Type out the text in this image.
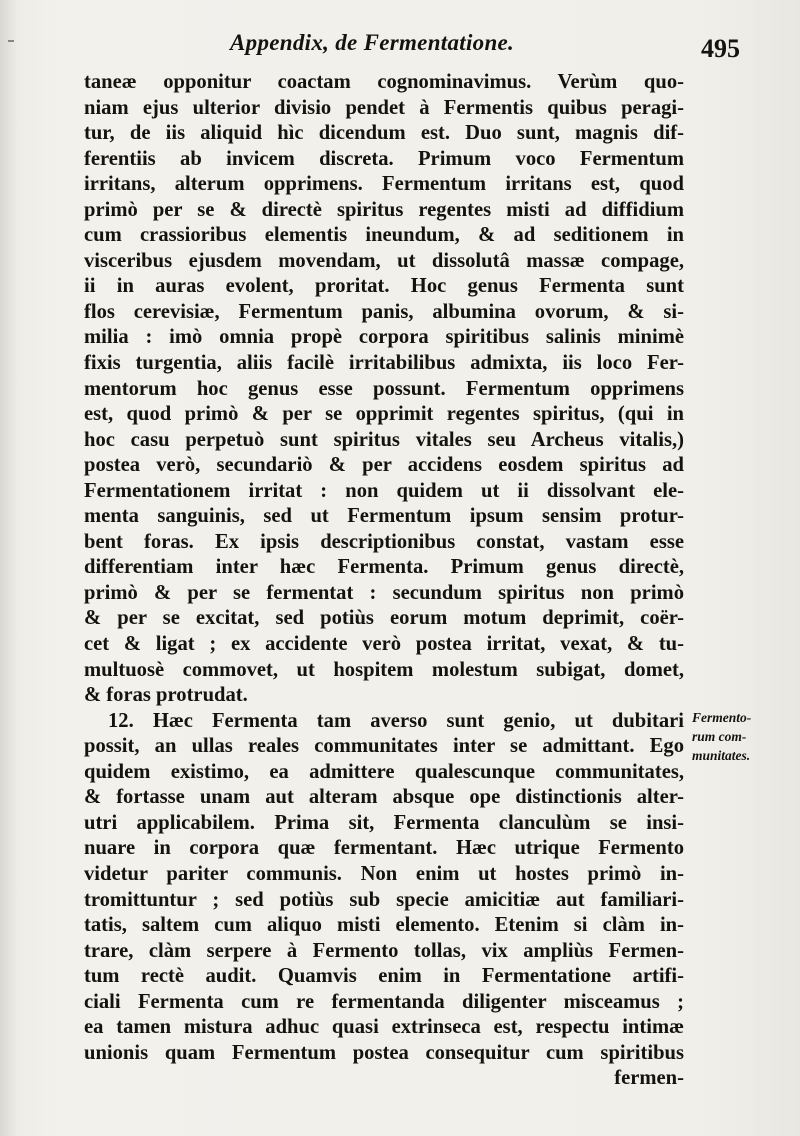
Appendix, de Fermentatione.	495
taneæ opponitur coactam cognominavimus. Verùm quo-
niam ejus ulterior divisio pendet à Fermentis quibus peragi-
tur, de iis aliquid hìc dicendum est. Duo sunt, magnis dif-
ferentiis ab invicem discreta. Primum voco Fermentum
irritans, alterum opprimens. Fermentum irritans est, quod
primò per se & directè spiritus regentes misti ad diffidium
cum crassioribus elementis ineundum, & ad seditionem in
visceribus ejusdem movendam, ut dissolutâ massæ compage,
ii in auras evolent, proritat. Hoc genus Fermenta sunt
flos cerevisiæ, Fermentum panis, albumina ovorum, & si-
milia : imò omnia propè corpora spiritibus salinis minimè
fixis turgentia, aliis facilè irritabilibus admixta, iis loco Fer-
mentorum hoc genus esse possunt. Fermentum opprimens
est, quod primò & per se opprimit regentes spiritus, (qui in
hoc casu perpetuò sunt spiritus vitales seu Archeus vitalis,)
postea verò, secundariò & per accidens eosdem spiritus ad
Fermentationem irritat : non quidem ut ii dissolvant ele-
menta sanguinis, sed ut Fermentum ipsum sensim protur-
bent foras. Ex ipsis descriptionibus constat, vastam esse
differentiam inter hæc Fermenta. Primum genus directè,
primò & per se fermentat : secundum spiritus non primò
& per se excitat, sed potiùs eorum motum deprimit, coër-
cet & ligat ; ex accidente verò postea irritat, vexat, & tu-
multuosè commovet, ut hospitem molestum subigat, domet,
& foras protrudat.
12. Hæc Fermenta tam averso sunt genio, ut dubitari
possit, an ullas reales communitates inter se admittant. Ego
quidem existimo, ea admittere qualescunque communitates,
& fortasse unam aut alteram absque ope distinctionis alter-
utri applicabilem. Prima sit, Fermenta clanculùm se insi-
nuare in corpora quæ fermentant. Hæc utrique Fermento
videtur pariter communis. Non enim ut hostes primò in-
tromittuntur ; sed potiùs sub specie amicitiæ aut familiari-
tatis, saltem cum aliquo misti elemento. Etenim si clàm in-
trare, clàm serpere à Fermento tollas, vix ampliùs Fermen-
tum rectè audit. Quamvis enim in Fermentatione artifi-
ciali Fermenta cum re fermentanda diligenter misceamus ;
ea tamen mistura adhuc quasi extrinseca est, respectu intimæ
unionis quam Fermentum postea consequitur cum spiritibus
fermen-
Fermento-
rum com-
munitates.
